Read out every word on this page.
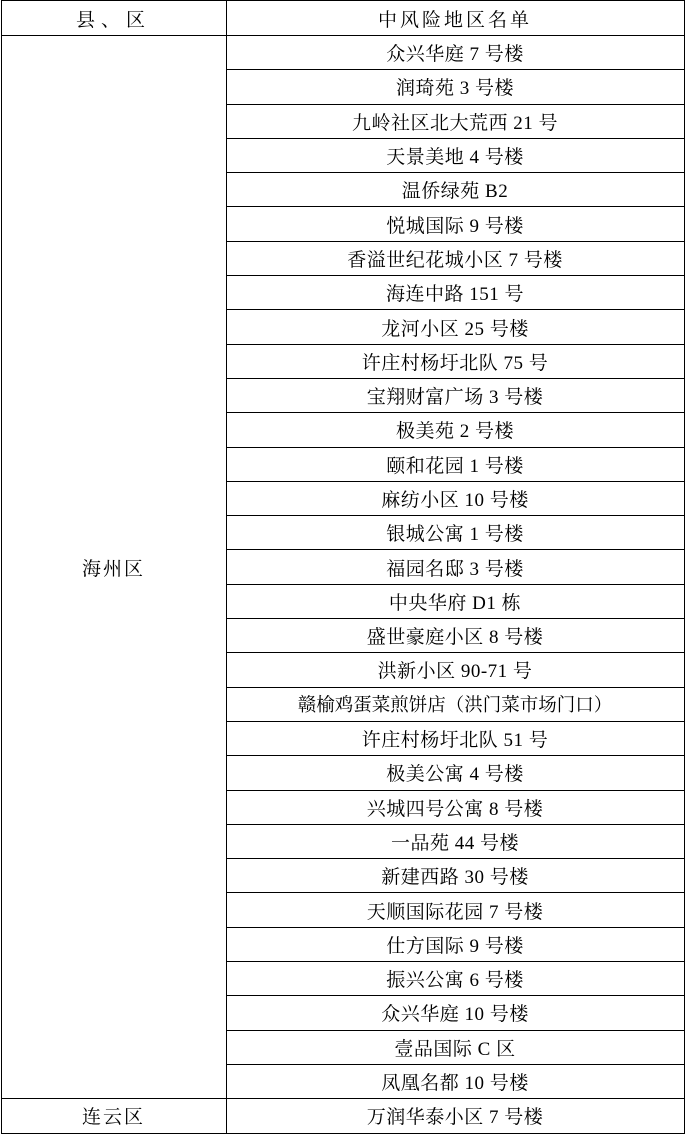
县、区	中风险地区名单
海州区	众兴华庭 7 号楼
	润琦苑 3 号楼
	九岭社区北大荒西 21 号
	天景美地 4 号楼
	温侨绿苑 B2
	悦城国际 9 号楼
	香溢世纪花城小区 7 号楼
	海连中路 151 号
	龙河小区 25 号楼
	许庄村杨圩北队 75 号
	宝翔财富广场 3 号楼
	极美苑 2 号楼
	颐和花园 1 号楼
	麻纺小区 10 号楼
	银城公寓 1 号楼
	福园名邸 3 号楼
	中央华府 D1 栋
	盛世豪庭小区 8 号楼
	洪新小区 90-71 号
	赣榆鸡蛋菜煎饼店（洪门菜市场门口）
	许庄村杨圩北队 51 号
	极美公寓 4 号楼
	兴城四号公寓 8 号楼
	一品苑 44 号楼
	新建西路 30 号楼
	天顺国际花园 7 号楼
	仕方国际 9 号楼
	振兴公寓 6 号楼
	众兴华庭 10 号楼
	壹品国际 C 区
	凤凰名都 10 号楼
连云区	万润华泰小区 7 号楼
